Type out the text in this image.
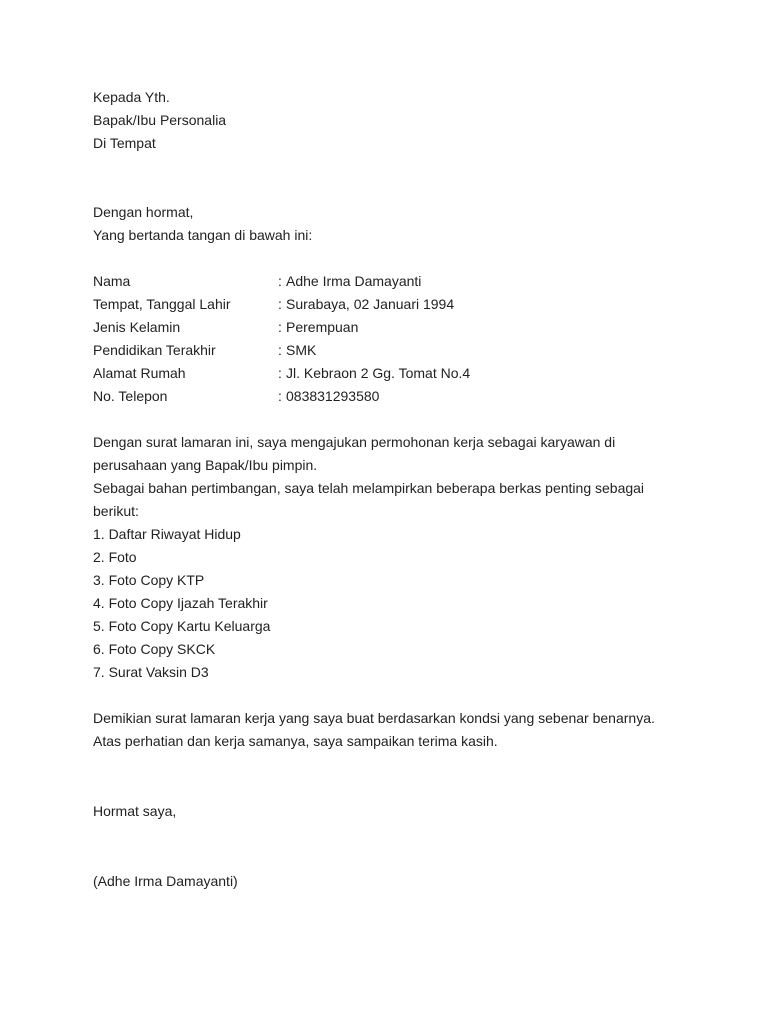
Kepada Yth.
Bapak/Ibu Personalia
Di Tempat
Dengan hormat,
Yang bertanda tangan di bawah ini:
Nama	: Adhe Irma Damayanti
Tempat, Tanggal Lahir	: Surabaya, 02 Januari 1994
Jenis Kelamin	: Perempuan
Pendidikan Terakhir	: SMK
Alamat Rumah	: Jl. Kebraon 2 Gg. Tomat No.4
No. Telepon	: 083831293580
Dengan surat lamaran ini, saya mengajukan permohonan kerja sebagai karyawan di
perusahaan yang Bapak/Ibu pimpin.
Sebagai bahan pertimbangan, saya telah melampirkan beberapa berkas penting sebagai
berikut:
1. Daftar Riwayat Hidup
2. Foto
3. Foto Copy KTP
4. Foto Copy Ijazah Terakhir
5. Foto Copy Kartu Keluarga
6. Foto Copy SKCK
7. Surat Vaksin D3
Demikian surat lamaran kerja yang saya buat berdasarkan kondsi yang sebenar benarnya.
Atas perhatian dan kerja samanya, saya sampaikan terima kasih.
Hormat saya,
(Adhe Irma Damayanti)
